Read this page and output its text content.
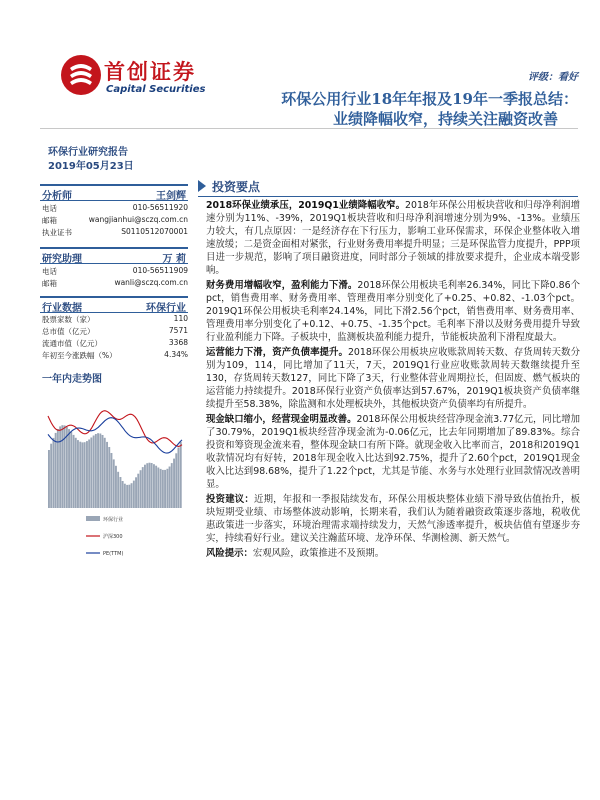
首创证券
Capital Securities
评级：看好
环保公用行业18年年报及19年一季报总结：
业绩降幅收窄，持续关注融资改善
环保行业研究报告
2019年05月23日
分析师	王剑辉
电话	010-56511920
邮箱	wangjianhui@sczq.com.cn
执业证书	S0110512070001
研究助理	万 莉
电话	010-56511909
邮箱	wanli@sczq.com.cn
行业数据	环保行业
股票家数（家）	110
总市值（亿元）	7571
流通市值（亿元）	3368
年初至今涨跌幅（%）	4.34%
一年内走势图
环保行业
沪深300
PE(TTM)
投资要点

2018环保业绩承压，2019Q1业绩降幅收窄。2018年环保公用板块营收和归母净利润增速分别为11%、-39%，2019Q1板块营收和归母净利润增速分别为9%、-13%。业绩压力较大，有几点原因：一是经济存在下行压力，影响工业环保需求，环保企业整体收入增速放缓；二是资金面相对紧张，行业财务费用率提升明显；三是环保监管力度提升，PPP项目进一步规范，影响了项目融资进度，同时部分子领域的排放要求提升，企业成本端受影响。

财务费用增幅收窄，盈利能力下滑。2018环保公用板块毛利率26.34%，同比下降0.86个pct，销售费用率、财务费用率、管理费用率分别变化了+0.25、+0.82、-1.03个pct。2019Q1环保公用板块毛利率24.14%，同比下滑2.56个pct，销售费用率、财务费用率、管理费用率分别变化了+0.12、+0.75、-1.35个pct。毛利率下滑以及财务费用提升导致行业盈利能力下降。子板块中，监测板块盈利能力提升，节能板块盈利下滑程度最大。

运营能力下滑，资产负债率提升。2018环保公用板块应收账款周转天数、存货周转天数分别为109，114，同比增加了11天，7天，2019Q1行业应收账款周转天数继续提升至130，存货周转天数127，同比下降了3天，行业整体营业周期拉长，但固废、燃气板块的运营能力持续提升。2018环保行业资产负债率达到57.67%，2019Q1板块资产负债率继续提升至58.38%，除监测和水处理板块外，其他板块资产负债率均有所提升。

现金缺口缩小，经营现金明显改善。2018环保公用板块经营净现金流3.77亿元，同比增加了30.79%，2019Q1板块经营净现金流为-0.06亿元，比去年同期增加了89.83%。综合投资和筹资现金流来看，整体现金缺口有所下降。就现金收入比率而言，2018和2019Q1收款情况均有好转，2018年现金收入比达到92.75%，提升了2.60个pct，2019Q1现金收入比达到98.68%，提升了1.22个pct，尤其是节能、水务与水处理行业回款情况改善明显。

投资建议：近期，年报和一季报陆续发布，环保公用板块整体业绩下滑导致估值抬升，板块短期受业绩、市场整体波动影响，长期来看，我们认为随着融资政策逐步落地，税收优惠政策进一步落实，环境治理需求端持续发力，天然气渗透率提升，板块估值有望逐步夯实，持续看好行业。建议关注瀚蓝环境、龙净环保、华测检测、新天然气。

风险提示：宏观风险，政策推进不及预期。
